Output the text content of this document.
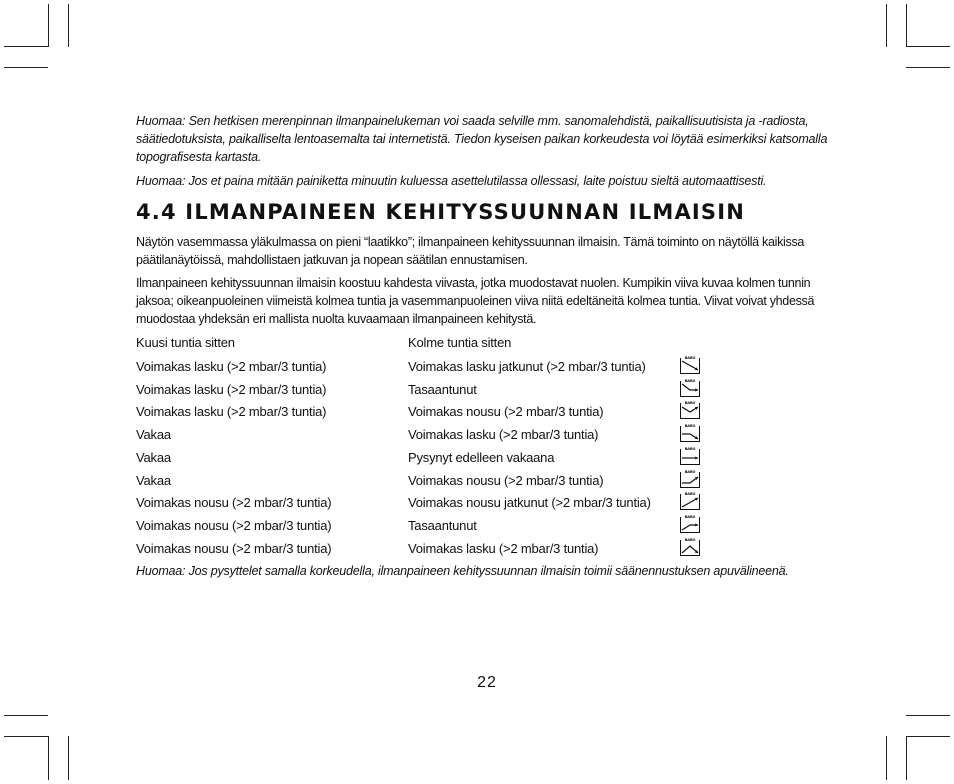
Huomaa: Sen hetkisen merenpinnan ilmanpainelukeman voi saada selville mm. sanomalehdistä, paikallisuutisista ja -radiosta, säätiedotuksista, paikalliselta lentoasemalta tai internetistä. Tiedon kyseisen paikan korkeudesta voi löytää esimerkiksi katsomalla topografisesta kartasta.
Huomaa: Jos et paina mitään painiketta minuutin kuluessa asettelutilassa ollessasi, laite poistuu sieltä automaattisesti.
4.4 ILMANPAINEEN KEHITYSSUUNNAN ILMAISIN
Näytön vasemmassa yläkulmassa on pieni “laatikko”; ilmanpaineen kehityssuunnan ilmaisin. Tämä toiminto on näytöllä kaikissa päätilanäytöissä, mahdollistaen jatkuvan ja nopean säätilan ennustamisen.
Ilmanpaineen kehityssuunnan ilmaisin koostuu kahdesta viivasta, jotka muodostavat nuolen. Kumpikin viiva kuvaa kolmen tunnin jaksoa; oikeanpuoleinen viimeistä kolmea tuntia ja vasemmanpuoleinen viiva niitä edeltäneitä kolmea tuntia. Viivat voivat yhdessä muodostaa yhdeksän eri mallista nuolta kuvaamaan ilmanpaineen kehitystä.
Kuusi tuntia sitten	Kolme tuntia sitten
Voimakas lasku (>2 mbar/3 tuntia)	Voimakas lasku jatkunut (>2 mbar/3 tuntia)
BARO
Voimakas lasku (>2 mbar/3 tuntia)	Tasaantunut
BARO
Voimakas lasku (>2 mbar/3 tuntia)	Voimakas nousu (>2 mbar/3 tuntia)
BARO
Vakaa	Voimakas lasku (>2 mbar/3 tuntia)
BARO
Vakaa	Pysynyt edelleen vakaana
BARO
Vakaa	Voimakas nousu (>2 mbar/3 tuntia)
BARO
Voimakas nousu (>2 mbar/3 tuntia)	Voimakas nousu jatkunut (>2 mbar/3 tuntia)
BARO
Voimakas nousu (>2 mbar/3 tuntia)	Tasaantunut
BARO
Voimakas nousu (>2 mbar/3 tuntia)	Voimakas lasku (>2 mbar/3 tuntia)
BARO
Huomaa: Jos pysyttelet samalla korkeudella, ilmanpaineen kehityssuunnan ilmaisin toimii säänennustuksen apuvälineenä.
22
